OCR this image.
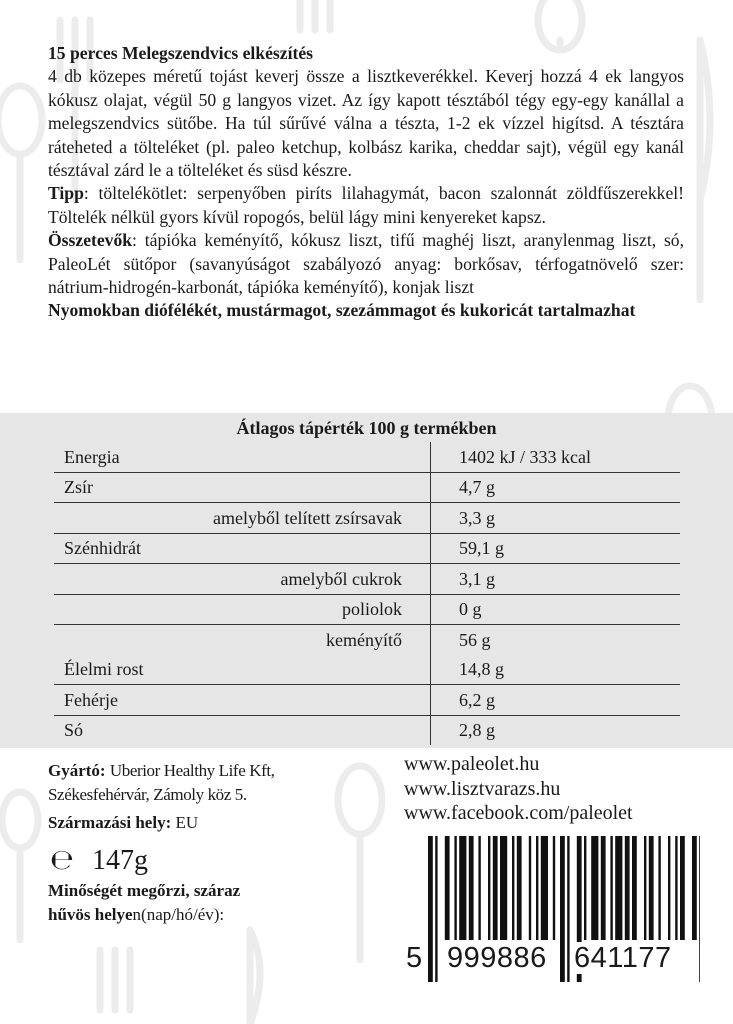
15 perces Melegszendvics elkészítés
4 db közepes méretű tojást keverj össze a lisztkeverékkel. Keverj hozzá 4 ek langyos kókusz olajat, végül 50 g langyos vizet. Az így kapott tésztából tégy egy-egy kanállal a melegszendvics sütőbe. Ha túl sűrűvé válna a tészta, 1-2 ek vízzel higítsd. A tésztára ráteheted a tölteléket (pl. paleo ketchup, kolbász karika, cheddar sajt), végül egy kanál tésztával zárd le a tölteléket és süsd készre.

Tipp: töltelékötlet: serpenyőben piríts lilahagymát, bacon szalonnát zöldfűszerekkel! Töltelék nélkül gyors kívül ropogós, belül lágy mini kenyereket kapsz.

Összetevők: tápióka keményítő, kókusz liszt, tifű maghéj liszt, aranylenmag liszt, só, PaleoLét sütőpor (savanyúságot szabályozó anyag: borkősav, térfogatnövelő szer: nátrium-hidrogén-karbonát, tápióka keményítő), konjak liszt

Nyomokban diófélékét, mustármagot, szezámmagot és kukoricát tartalmazhat

Átlagos tápérték 100 g termékben
Energia	1402 kJ / 333 kcal
Zsír	4,7 g
amelyből telített zsírsavak	3,3 g
Szénhidrát	59,1 g
amelyből cukrok	3,1 g
poliolok	0 g
keményítő	56 g
Élelmi rost	14,8 g
Fehérje	6,2 g
Só	2,8 g
Gyártó: Uberior Healthy Life Kft,
Székesfehérvár, Zámoly köz 5.
Származási hely: EU
℮ 147g
Minőségét megőrzi, száraz
hűvös helyen(nap/hó/év):
www.paleolet.hu
www.lisztvarazs.hu
www.facebook.com/paleolet
5 999886 641177
